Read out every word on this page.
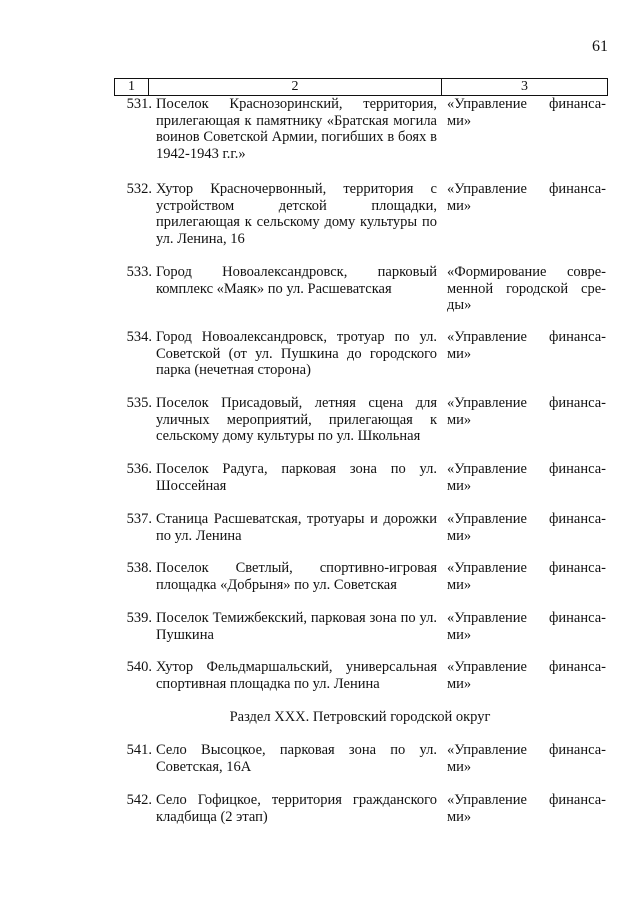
61
1	2	3
531. Поселок Краснозоринский, территория, прилегающая к памятнику «Братская могила воинов Советской Армии, погибших в боях в 1942-1943 г.г.»
«Управление финанса-
ми»
532. Хутор Красночервонный, территория с устройством детской площадки, прилегающая к сельскому дому культуры по ул. Ленина, 16
«Управление финанса-
ми»
533. Город Новоалександровск, парковый комплекс «Маяк» по ул. Расшеватская
«Формирование совре-
менной городской сре-
ды»
534. Город Новоалександровск, тротуар по ул. Советской (от ул. Пушкина до городского парка (нечетная сторона)
«Управление финанса-
ми»
535. Поселок Присадовый, летняя сцена для уличных мероприятий, прилегающая к сельскому дому культуры по ул. Школьная
«Управление финанса-
ми»
536. Поселок Радуга, парковая зона по ул. Шоссейная
«Управление финанса-
ми»
537. Станица Расшеватская, тротуары и дорожки по ул. Ленина
«Управление финанса-
ми»
538. Поселок Светлый, спортивно-игровая площадка «Добрыня» по ул. Советская
«Управление финанса-
ми»
539. Поселок Темижбекский, парковая зона по ул. Пушкина
«Управление финанса-
ми»
540. Хутор Фельдмаршальский, универсальная спортивная площадка по ул. Ленина
«Управление финанса-
ми»
Раздел XXX. Петровский городской округ
541. Село Высоцкое, парковая зона по ул. Советская, 16А
«Управление финанса-
ми»
542. Село Гофицкое, территория гражданского кладбища (2 этап)
«Управление финанса-
ми»
